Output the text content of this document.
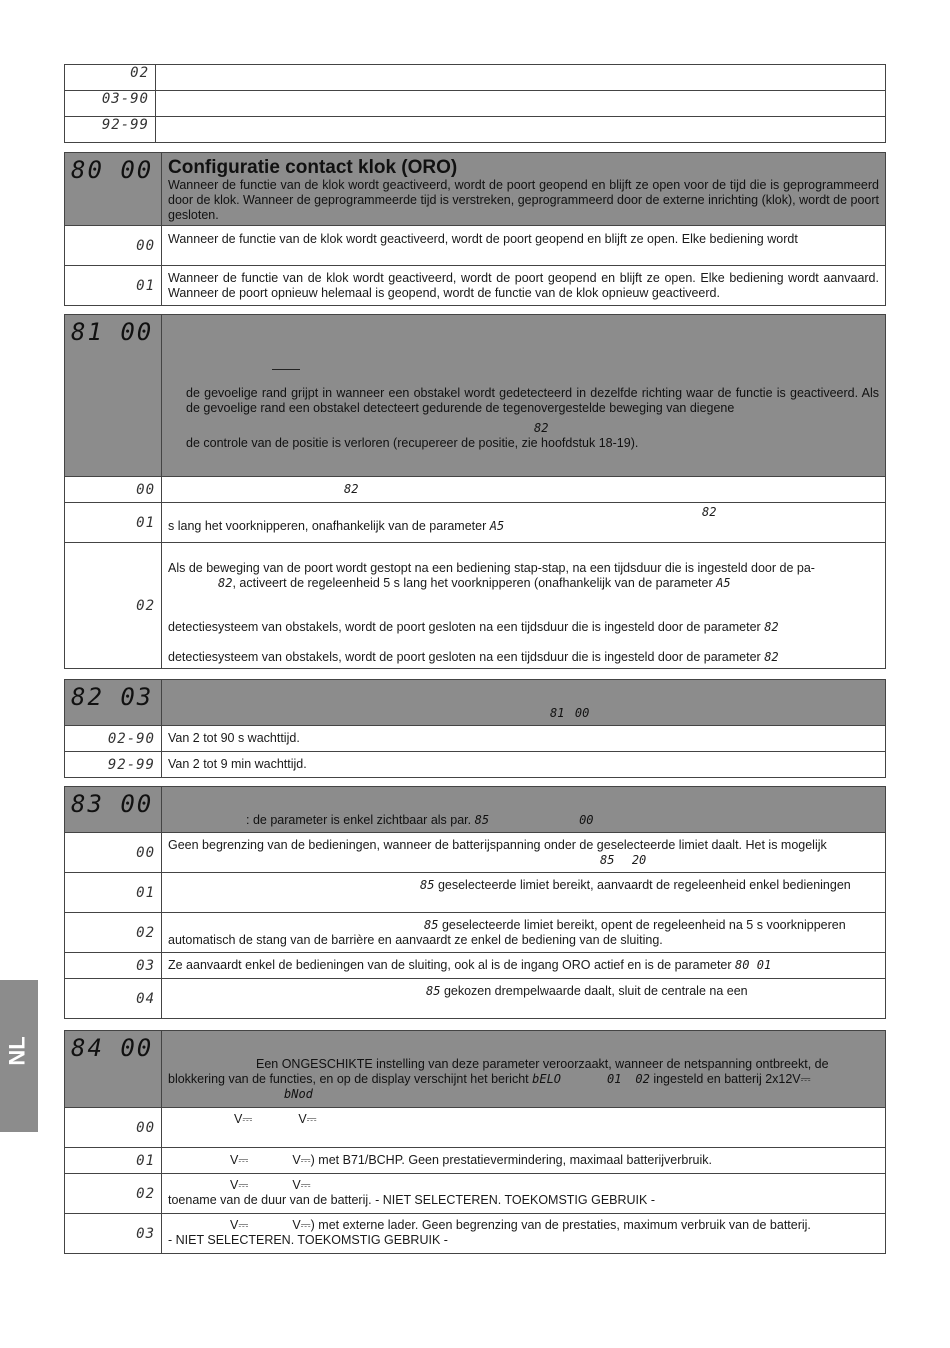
02	
03-90	
92-99	
80 00	Configuratie contact klok (ORO)
Wanneer de functie van de klok wordt geactiveerd, wordt de poort geopend en blijft ze open voor de tijd die is geprogrammeerd door de klok. Wanneer de geprogrammeerde tijd is verstreken, geprogrammeerd door de externe inrichting (klok), wordt de poort gesloten.
00	Wanneer de functie van de klok wordt geactiveerd, wordt de poort geopend en blijft ze open. Elke bediening wordt
01	Wanneer de functie van de klok wordt geactiveerd, wordt de poort geopend en blijft ze open. Elke bediening wordt aanvaard. Wanneer de poort opnieuw helemaal is geopend, wordt de functie van de klok opnieuw geactiveerd.
81 00	de gevoelige rand grijpt in wanneer een obstakel wordt gedetecteerd in dezelfde richting waar de functie is geactiveerd. Als de gevoelige rand een obstakel detecteert gedurende de tegenovergestelde beweging van diegene
82
de controle van de positie is verloren (recupereer de positie, zie hoofdstuk 18-19).

00	82
01	82
s lang het voorknipperen, onafhankelijk van de parameter A5
02	Als de beweging van de poort wordt gestopt na een bediening stap-stap, na een tijdsduur die is ingesteld door de pa-
82, activeert de regeleenheid 5 s lang het voorknipperen (onafhankelijk van de parameter A5
detectiesysteem van obstakels, wordt de poort gesloten na een tijdsduur die is ingesteld door de parameter 82
detectiesysteem van obstakels, wordt de poort gesloten na een tijdsduur die is ingesteld door de parameter 82
82 03	81 00

02-90	Van 2 tot 90 s wachttijd.
92-99	Van 2 tot 9 min wachttijd.
83 00	: de parameter is enkel zichtbaar als par. 85 00

00	Geen begrenzing van de bedieningen, wanneer de batterijspanning onder de geselecteerde limiet daalt. Het is mogelijk
85 20

01	85 geselecteerde limiet bereikt, aanvaardt de regeleenheid enkel bedieningen

02	85 geselecteerde limiet bereikt, opent de regeleenheid na 5 s voorknipperen
automatisch de stang van de barrière en aanvaardt ze enkel de bediening van de sluiting.

03	Ze aanvaardt enkel de bedieningen van de sluiting, ook al is de ingang ORO actief en is de parameter 80 01
04	85 gekozen drempelwaarde daalt, sluit de centrale na een
84 00	Een ONGESCHIKTE instelling van deze parameter veroorzaakt, wanneer de netspanning ontbreekt, de
blokkering van de functies, en op de display verschijnt het bericht bELO 01 02 ingesteld en batterij 2x12V⎓
bNod

00	V⎓ V⎓

01	V⎓ V⎓) met B71/BCHP. Geen prestatievermindering, maximaal batterijverbruik.
02	V⎓ V⎓
toename van de duur van de batterij. - NIET SELECTEREN. TOEKOMSTIG GEBRUIK -

03	V⎓ V⎓) met externe lader. Geen begrenzing van de prestaties, maximum verbruik van de batterij.
- NIET SELECTEREN. TOEKOMSTIG GEBRUIK -
NL
